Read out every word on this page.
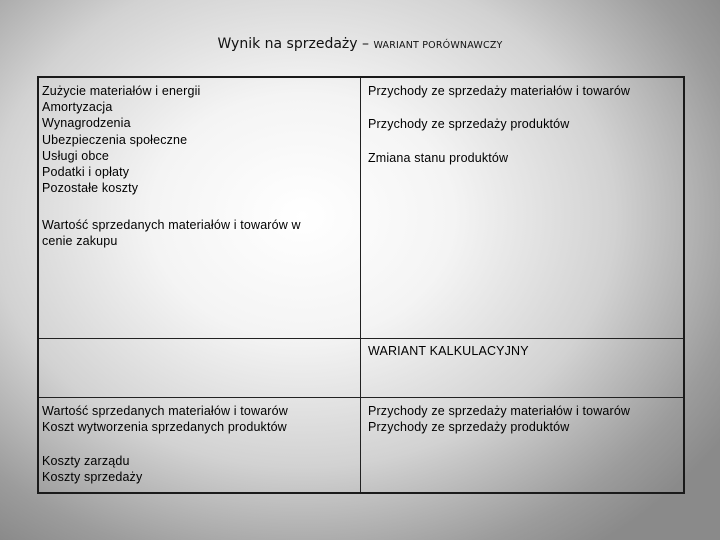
Wynik na sprzedaży – WARIANT PORÓWNAWCZY

Zużycie materiałów i energii

Amortyzacja

Wynagrodzenia

Ubezpieczenia społeczne

Usługi obce

Podatki i opłaty

Pozostałe koszty

Wartość sprzedanych materiałów i towarów w

cenie zakupu

Przychody ze sprzedaży materiałów i towarów
Przychody ze sprzedaży produktów
Zmiana stanu produktów
WARIANT KALKULACYJNY

Wartość sprzedanych materiałów i towarów

Koszt wytworzenia sprzedanych produktów

Koszty zarządu

Koszty sprzedaży

Przychody ze sprzedaży materiałów i towarów

Przychody ze sprzedaży produktów
